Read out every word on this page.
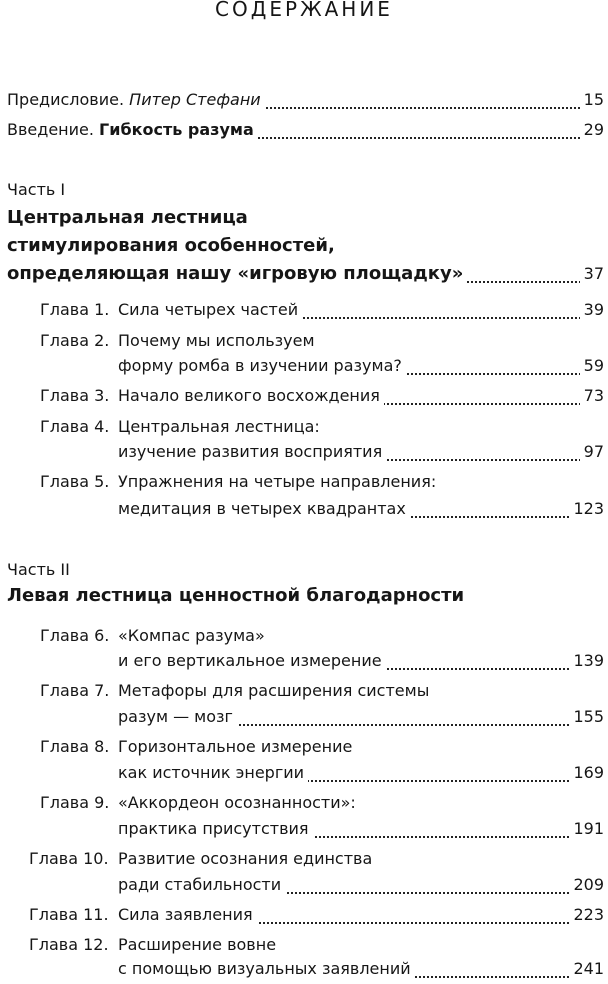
СОДЕРЖАНИЕ
Предисловие. Питер Стефани	15
Введение. Гибкость разума	29
Часть I
Центральная лестница
стимулирования особенностей,
определяющая нашу «игровую площадку»	37
Глава 1. Сила четырех частей	39
Глава 2. Почему мы используем
форму ромба в изучении разума?	59
Глава 3. Начало великого восхождения	73
Глава 4. Центральная лестница:
изучение развития восприятия	97
Глава 5. Упражнения на четыре направления:
медитация в четырех квадрантах	123
Часть II
Левая лестница ценностной благодарности
Глава 6. «Компас разума»
и его вертикальное измерение	139
Глава 7. Метафоры для расширения системы
разум — мозг	155
Глава 8. Горизонтальное измерение
как источник энергии	169
Глава 9. «Аккордеон осознанности»:
практика присутствия	191
Глава 10. Развитие осознания единства
ради стабильности	209
Глава 11. Сила заявления	223
Глава 12. Расширение вовне
с помощью визуальных заявлений	241
